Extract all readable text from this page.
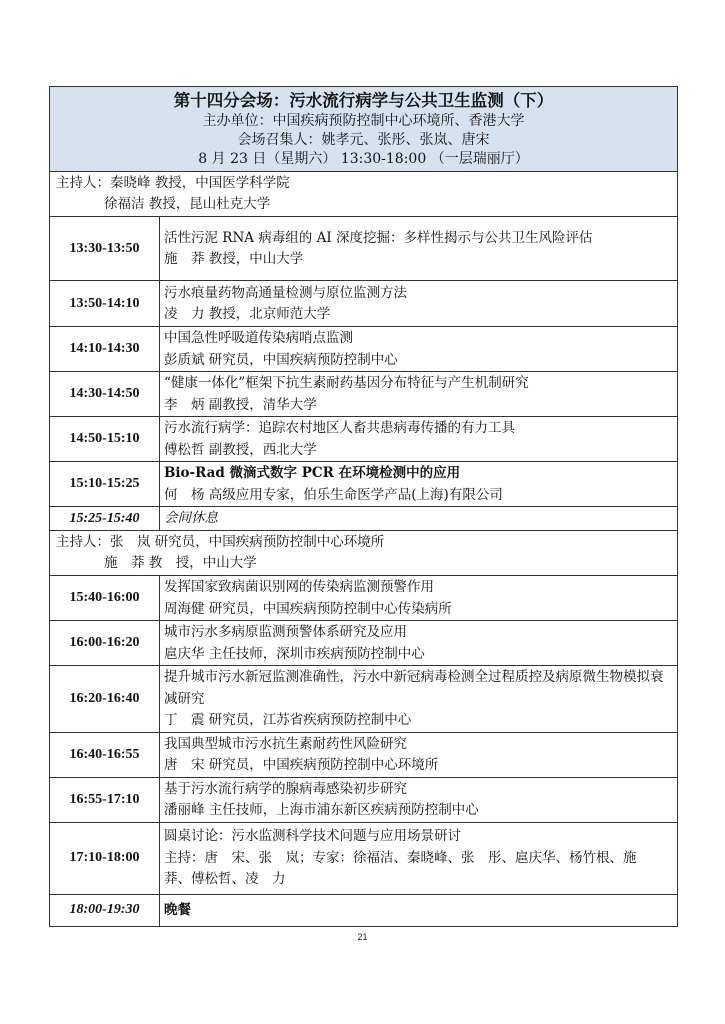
第十四分会场：污水流行病学与公共卫生监测（下）
主办单位：中国疾病预防控制中心环境所、香港大学
会场召集人：姚孝元、张彤、张岚、唐宋
8 月 23 日（星期六） 13:30-18:00 （一层瑞丽厅）	

主持人：秦晓峰 教授，中国医学科学院
徐福洁 教授，昆山杜克大学	

13:30-13:50	活性污泥 RNA 病毒组的 AI 深度挖掘：多样性揭示与公共卫生风险评估
施　莽 教授，中山大学

13:50-14:10	污水痕量药物高通量检测与原位监测方法
凌　力 教授，北京师范大学

14:10-14:30	中国急性呼吸道传染病哨点监测
彭质斌 研究员，中国疾病预防控制中心

14:30-14:50	“健康一体化”框架下抗生素耐药基因分布特征与产生机制研究
李　炳 副教授，清华大学

14:50-15:10	污水流行病学：追踪农村地区人畜共患病毒传播的有力工具
傅松哲 副教授，西北大学

15:10-15:25	Bio-Rad 微滴式数字 PCR 在环境检测中的应用
何　杨 高级应用专家，伯乐生命医学产品(上海)有限公司

15:25-15:40	会间休息

主持人：张　岚 研究员，中国疾病预防控制中心环境所
施　莽 教　授，中山大学	

15:40-16:00	发挥国家致病菌识别网的传染病监测预警作用
周海健 研究员，中国疾病预防控制中心传染病所

16:00-16:20	城市污水多病原监测预警体系研究及应用
扈庆华 主任技师，深圳市疾病预防控制中心

16:20-16:40	提升城市污水新冠监测准确性，污水中新冠病毒检测全过程质控及病原微生物模拟衰减研究
丁　震 研究员，江苏省疾病预防控制中心

16:40-16:55	我国典型城市污水抗生素耐药性风险研究
唐　宋 研究员，中国疾病预防控制中心环境所

16:55-17:10	基于污水流行病学的腺病毒感染初步研究
潘丽峰 主任技师，上海市浦东新区疾病预防控制中心

17:10-18:00	圆桌讨论：污水监测科学技术问题与应用场景研讨
主持：唐　宋、张　岚；专家：徐福洁、秦晓峰、张　彤、扈庆华、杨竹根、施　莽、傅松哲、凌　力

18:00-19:30	晚餐
21
